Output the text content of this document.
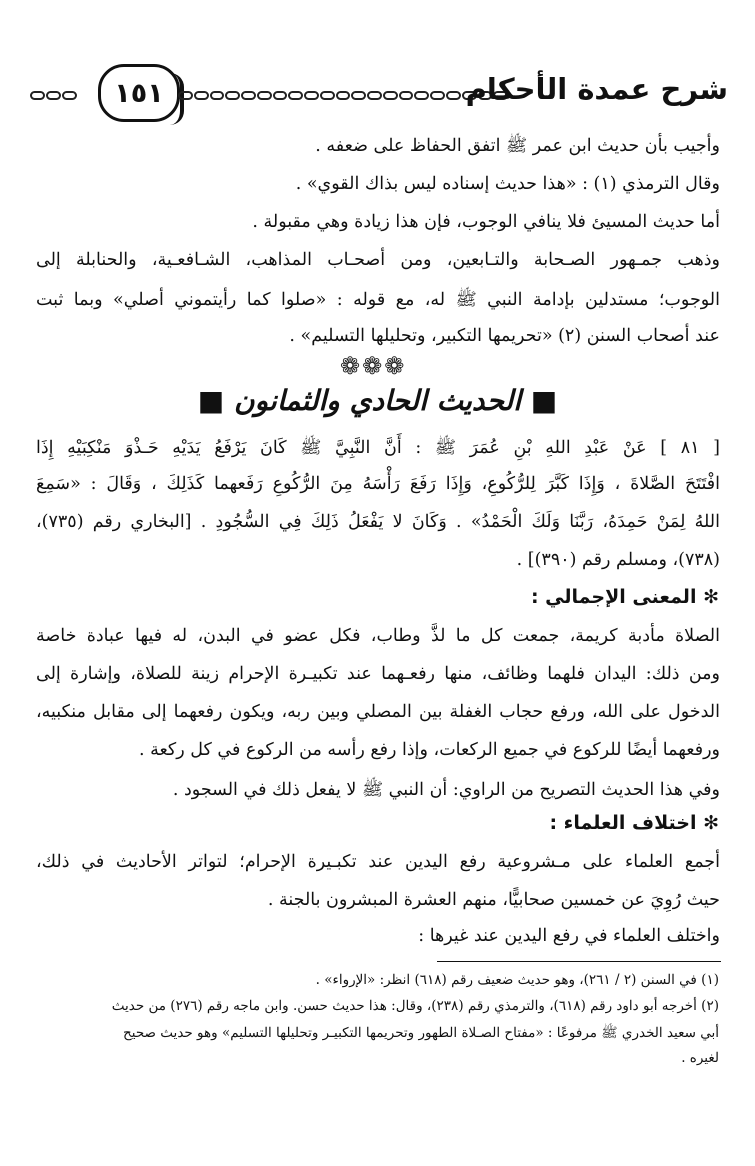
١٥١	شرح عمدة الأحكام
وأجيب بأن حديث ابن عمر ﷺ اتفق الحفاظ على ضعفه .
وقال الترمذي (١) : «هذا حديث إسناده ليس بذاك القوي» .
أما حديث المسيئ فلا ينافي الوجوب، فإن هذا زيادة وهي مقبولة .
وذهب جمـهور الصـحابة والتـابعين، ومن أصحـاب المذاهب، الشـافعـية، والحنابلة إلى
الوجوب؛ مستدلين بإدامة النبي ﷺ له، مع قوله : «صلوا كما رأيتموني أصلي» وبما ثبت
عند أصحاب السنن (٢) «تحريمها التكبير، وتحليلها التسليم» .
❁❁❁
■ الحديث الحادي والثمانون ■
[ ٨١ ] عَنْ عَبْدِ اللهِ بْنِ عُمَرَ ﷺ : أَنَّ النَّبِيَّ ﷺ كَانَ يَرْفَعُ يَدَيْهِ حَـذْوَ مَنْكِبَيْهِ إِذَا
افْتَتَحَ الصَّلاةَ ، وَإِذَا كَبَّرَ لِلرُّكُوعِ، وَإِذَا رَفَعَ رَأْسَهُ مِنَ الرُّكُوعِ رَفَعهما كَذَلِكَ ، وَقَالَ : «سَمِعَ
اللهُ لِمَنْ حَمِدَهُ، رَبَّنَا وَلَكَ الْحَمْدُ» . وَكَانَ لا يَفْعَلُ ذَلِكَ فِي السُّجُودِ . [البخاري رقم (٧٣٥)،
(٧٣٨)، ومسلم رقم (٣٩٠)] .
✻ المعنى الإجمالي :
الصلاة مأدبة كريمة، جمعت كل ما لذَّ وطاب، فكل عضو في البدن، له فيها عبادة خاصة
ومن ذلك: اليدان فلهما وظائف، منها رفعـهما عند تكبيـرة الإحرام زينة للصلاة، وإشارة إلى
الدخول على الله، ورفع حجاب الغفلة بين المصلي وبين ربه، ويكون رفعهما إلى مقابل منكبيه،
ورفعهما أيضًا للركوع في جميع الركعات، وإذا رفع رأسه من الركوع في كل ركعة .
وفي هذا الحديث التصريح من الراوي: أن النبي ﷺ لا يفعل ذلك في السجود .
✻ اختلاف العلماء :
أجمع العلماء على مـشروعية رفع اليدين عند تكبـيرة الإحرام؛ لتواتر الأحاديث في ذلك،
حيث رُوِيَ عن خمسين صحابيًّا، منهم العشرة المبشرون بالجنة .
واختلف العلماء في رفع اليدين عند غيرها :
(١) في السنن (٢ / ٢٦١)، وهو حديث ضعيف رقم (٦١٨) انظر: «الإرواء» .
(٢) أخرجه أبو داود رقم (٦١٨)، والترمذي رقم (٢٣٨)، وقال: هذا حديث حسن. وابن ماجه رقم (٢٧٦) من حديث
أبي سعيد الخدري ﷺ مرفوعًا : «مفتاح الصـلاة الطهور وتحريمها التكبيـر وتحليلها التسليم» وهو حديث صحيح
لغيره .
